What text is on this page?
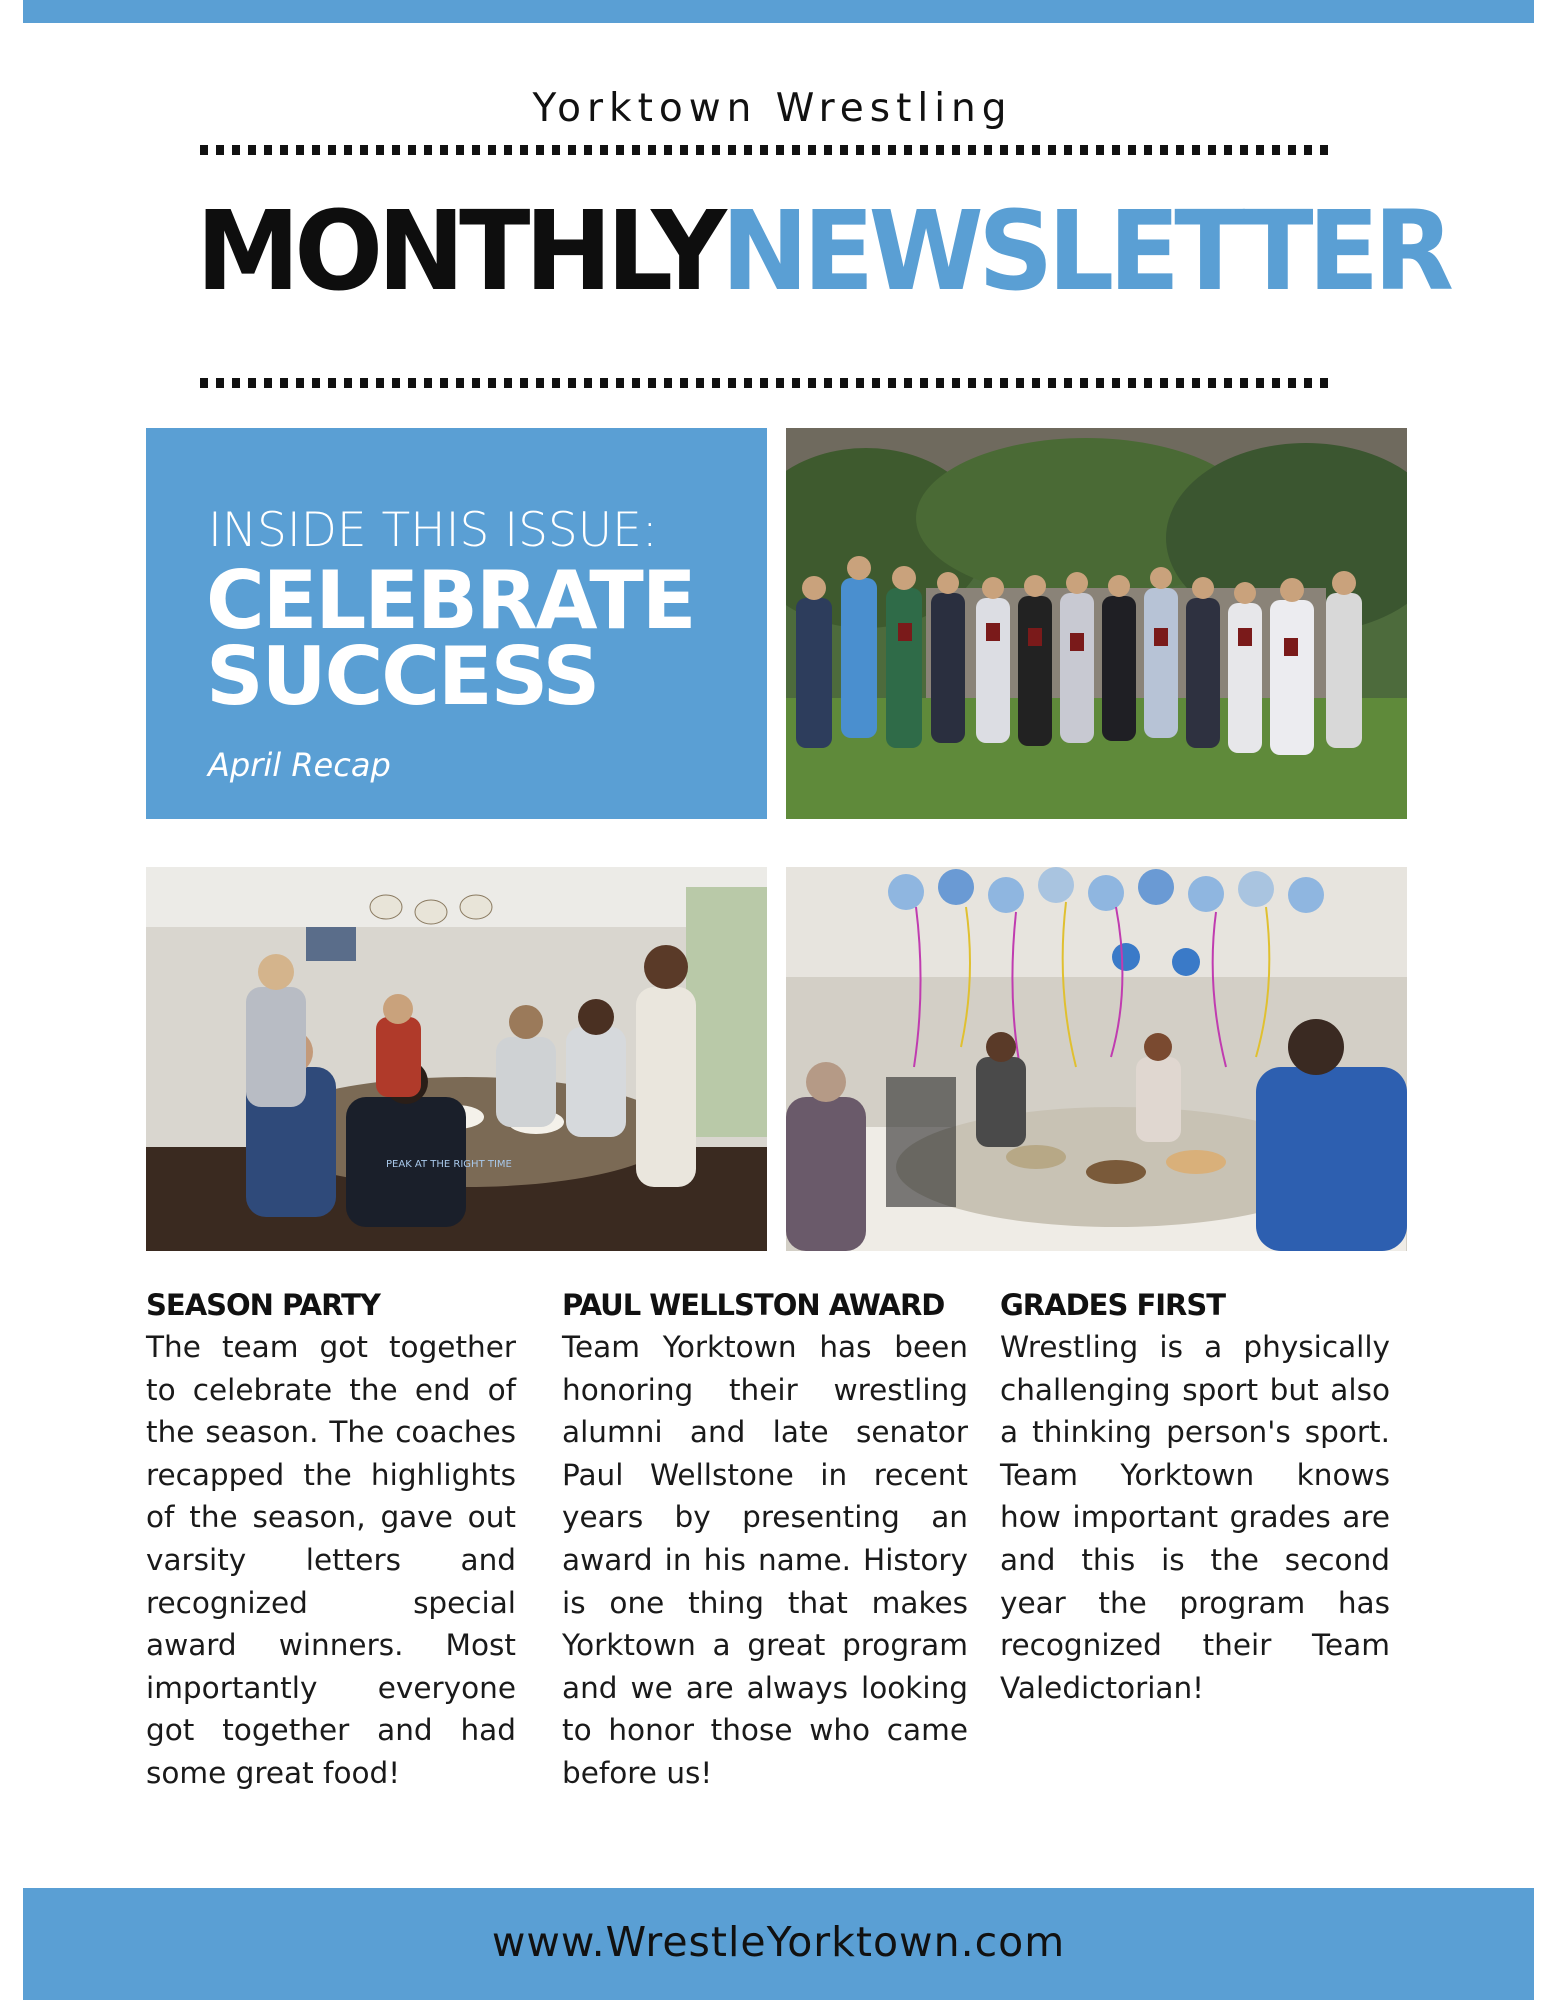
Yorktown Wrestling
MONTHLYNEWSLETTER
INSIDE THIS ISSUE:
CELEBRATE
SUCCESS
April Recap
PEAK AT THE RIGHT TIME
SEASON PARTY

The team got together to celebrate the end of the season. The coaches recapped the highlights of the season, gave out varsity letters and recognized special award winners. Most importantly everyone got together and had some great food!

PAUL WELLSTON AWARD

Team Yorktown has been honoring their wrestling alumni and late senator Paul Wellstone in recent years by presenting an award in his name. History is one thing that makes Yorktown a great program and we are always looking to honor those who came before us!

GRADES FIRST

Wrestling is a physically challenging sport but also a thinking person's sport. Team Yorktown knows how important grades are and this is the second year the program has recognized their Team Valedictorian!

www.WrestleYorktown.com
